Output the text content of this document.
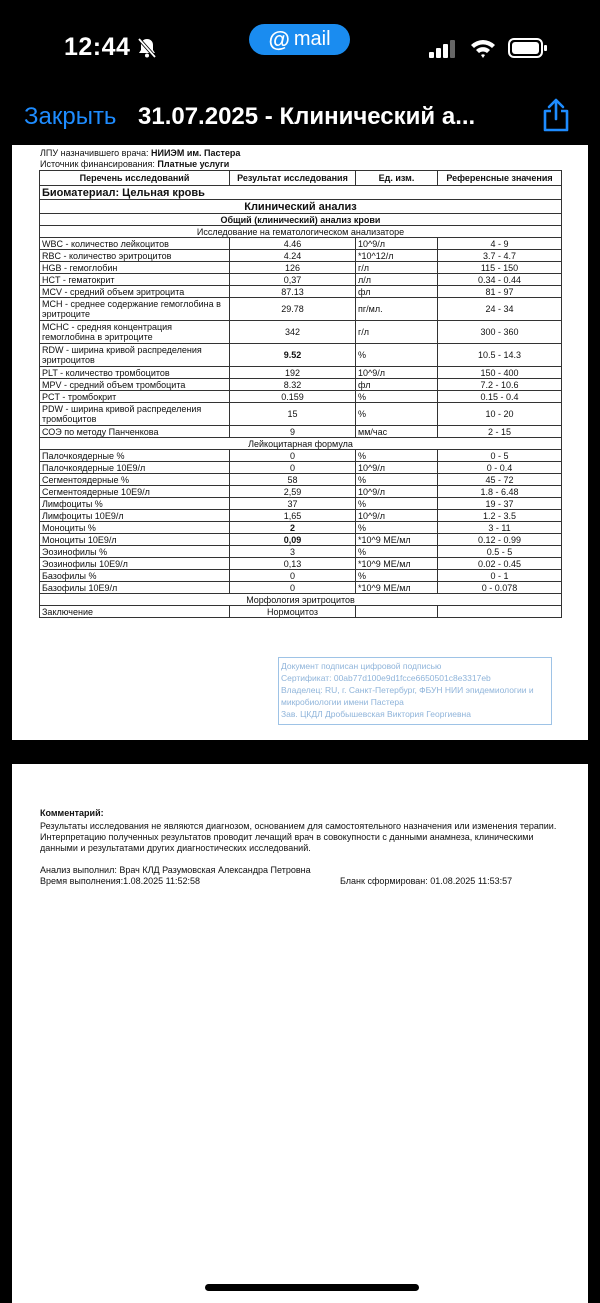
12:44	@ mail
Закрыть 31.07.2025 - Клинический а...
ЛПУ назначившего врача: НИИЭМ им. Пастера
Источник финансирования: Платные услуги
Перечень исследований	Результат исследования	Ед. изм.	Референсные значения
Биоматериал: Цельная кровь			
Клинический анализ			
Общий (клинический) анализ крови			
Исследование на гематологическом анализаторе			
WBC - количество лейкоцитов	4.46	10^9/л	4 - 9
RBC - количество эритроцитов	4.24	*10^12/л	3.7 - 4.7
HGB - гемоглобин	126	г/л	115 - 150
HCT - гематокрит	0,37	л/л	0.34 - 0.44
MCV - средний объем эритроцита	87.13	фл	81 - 97
MCH - среднее содержание гемоглобина в эритроците	29.78	пг/мл.	24 - 34
MCHC - средняя концентрация гемоглобина в эритроците	342	г/л	300 - 360
RDW - ширина кривой распределения эритроцитов	9.52	%	10.5 - 14.3
PLT - количество тромбоцитов	192	10^9/л	150 - 400
MPV - средний объем тромбоцита	8.32	фл	7.2 - 10.6
PCT - тромбокрит	0.159	%	0.15 - 0.4
PDW - ширина кривой распределения тромбоцитов	15	%	10 - 20
СОЭ по методу Панченкова	9	мм/час	2 - 15
Лейкоцитарная формула			
Палочкоядерные %	0	%	0 - 5
Палочкоядерные 10E9/л	0	10^9/л	0 - 0.4
Сегментоядерные %	58	%	45 - 72
Сегментоядерные 10E9/л	2,59	10^9/л	1.8 - 6.48
Лимфоциты %	37	%	19 - 37
Лимфоциты 10E9/л	1,65	10^9/л	1.2 - 3.5
Моноциты %	2	%	3 - 11
Моноциты 10E9/л	0,09	*10^9 МЕ/мл	0.12 - 0.99
Эозинофилы %	3	%	0.5 - 5
Эозинофилы 10E9/л	0,13	*10^9 МЕ/мл	0.02 - 0.45
Базофилы %	0	%	0 - 1
Базофилы 10E9/л	0	*10^9 МЕ/мл	0 - 0.078
Морфология эритроцитов			
Заключение	Нормоцитоз		
Документ подписан цифровой подписью
Сертификат: 00ab77d100e9d1fcce6650501c8e3317eb
Владелец: RU, г. Санкт-Петербург, ФБУН НИИ эпидемиологии и
микробиологии имени Пастера
Зав. ЦКДЛ Дробышевская Виктория Георгиевна
Комментарий:
Результаты исследования не являются диагнозом, основанием для самостоятельного назначения или изменения терапии. Интерпретацию полученных результатов проводит лечащий врач в совокупности с данными анамнеза, клиническими данными и результатами других диагностических исследований.
Анализ выполнил: Врач КЛД Разумовская Александра Петровна
Время выполнения:1.08.2025 11:52:58	Бланк сформирован: 01.08.2025 11:53:57
